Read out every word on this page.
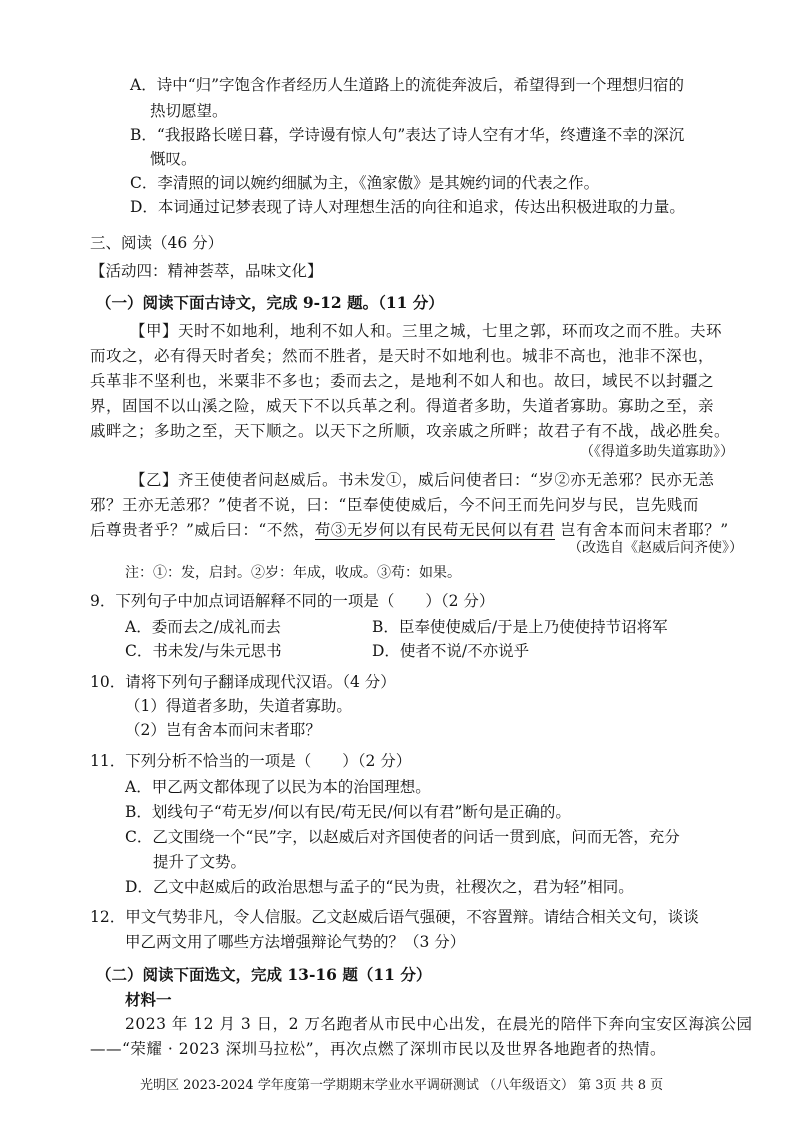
A．诗中“归”字饱含作者经历人生道路上的流徙奔波后，希望得到一个理想归宿的
热切愿望。
B．“我报路长嗟日暮，学诗谩有惊人句”表达了诗人空有才华，终遭逢不幸的深沉
慨叹。
C．李清照的词以婉约细腻为主，《渔家傲》是其婉约词的代表之作。
D．本词通过记梦表现了诗人对理想生活的向往和追求，传达出积极进取的力量。
三、阅读（46 分）
【活动四：精神荟萃，品味文化】
（一）阅读下面古诗文，完成 9-12 题。（11 分）
【甲】天时不如地利，地利不如人和。三里之城，七里之郭，环而攻之而不胜。夫环
而攻之，必有得天时者矣；然而不胜者，是天时不如地利也。城非不高也，池非不深也，
兵革非不坚利也，米粟非不多也；委而去之，是地利不如人和也。故曰，域民不以封疆之
界，固国不以山溪之险，威天下不以兵革之利。得道者多助，失道者寡助。寡助之至，亲
戚畔之；多助之至，天下顺之。以天下之所顺，攻亲戚之所畔；故君子有不战，战必胜矣。
（《得道多助失道寡助》）
【乙】齐王使使者问赵威后。书未发①，威后问使者曰：“岁②亦无恙邪？民亦无恙
邪？王亦无恙邪？”使者不说，曰：“臣奉使使威后，今不问王而先问岁与民，岂先贱而
后尊贵者乎？”威后曰：“不然，苟③无岁何以有民苟无民何以有君 岂有舍本而问末者耶？”
（改选自《赵威后问齐使》）
注：①：发，启封。②岁：年成，收成。③苟：如果。
9．下列句子中加点词语解释不同的一项是（　　）（2 分）
A．委而去之/成礼而去	B．臣奉使使威后/于是上乃使使持节诏将军
C．书未发/与朱元思书	D．使者不说/不亦说乎
10．请将下列句子翻译成现代汉语。（4 分）
（1）得道者多助，失道者寡助。
（2）岂有舍本而问末者耶？
11．下列分析不恰当的一项是（　　）（2 分）
A．甲乙两文都体现了以民为本的治国理想。
B．划线句子“苟无岁/何以有民/苟无民/何以有君”断句是正确的。
C．乙文围绕一个“民”字，以赵威后对齐国使者的问话一贯到底，问而无答，充分
提升了文势。
D．乙文中赵威后的政治思想与孟子的“民为贵，社稷次之，君为轻”相同。
12．甲文气势非凡，令人信服。乙文赵威后语气强硬，不容置辩。请结合相关文句，谈谈
甲乙两文用了哪些方法增强辩论气势的？（3 分）
（二）阅读下面选文，完成 13-16 题（11 分）
材料一
2023 年 12 月 3 日，2 万名跑者从市民中心出发，在晨光的陪伴下奔向宝安区海滨公园
——“荣耀 · 2023 深圳马拉松”，再次点燃了深圳市民以及世界各地跑者的热情。
光明区 2023-2024 学年度第一学期期末学业水平调研测试 （八年级语文） 第 3页 共 8 页
